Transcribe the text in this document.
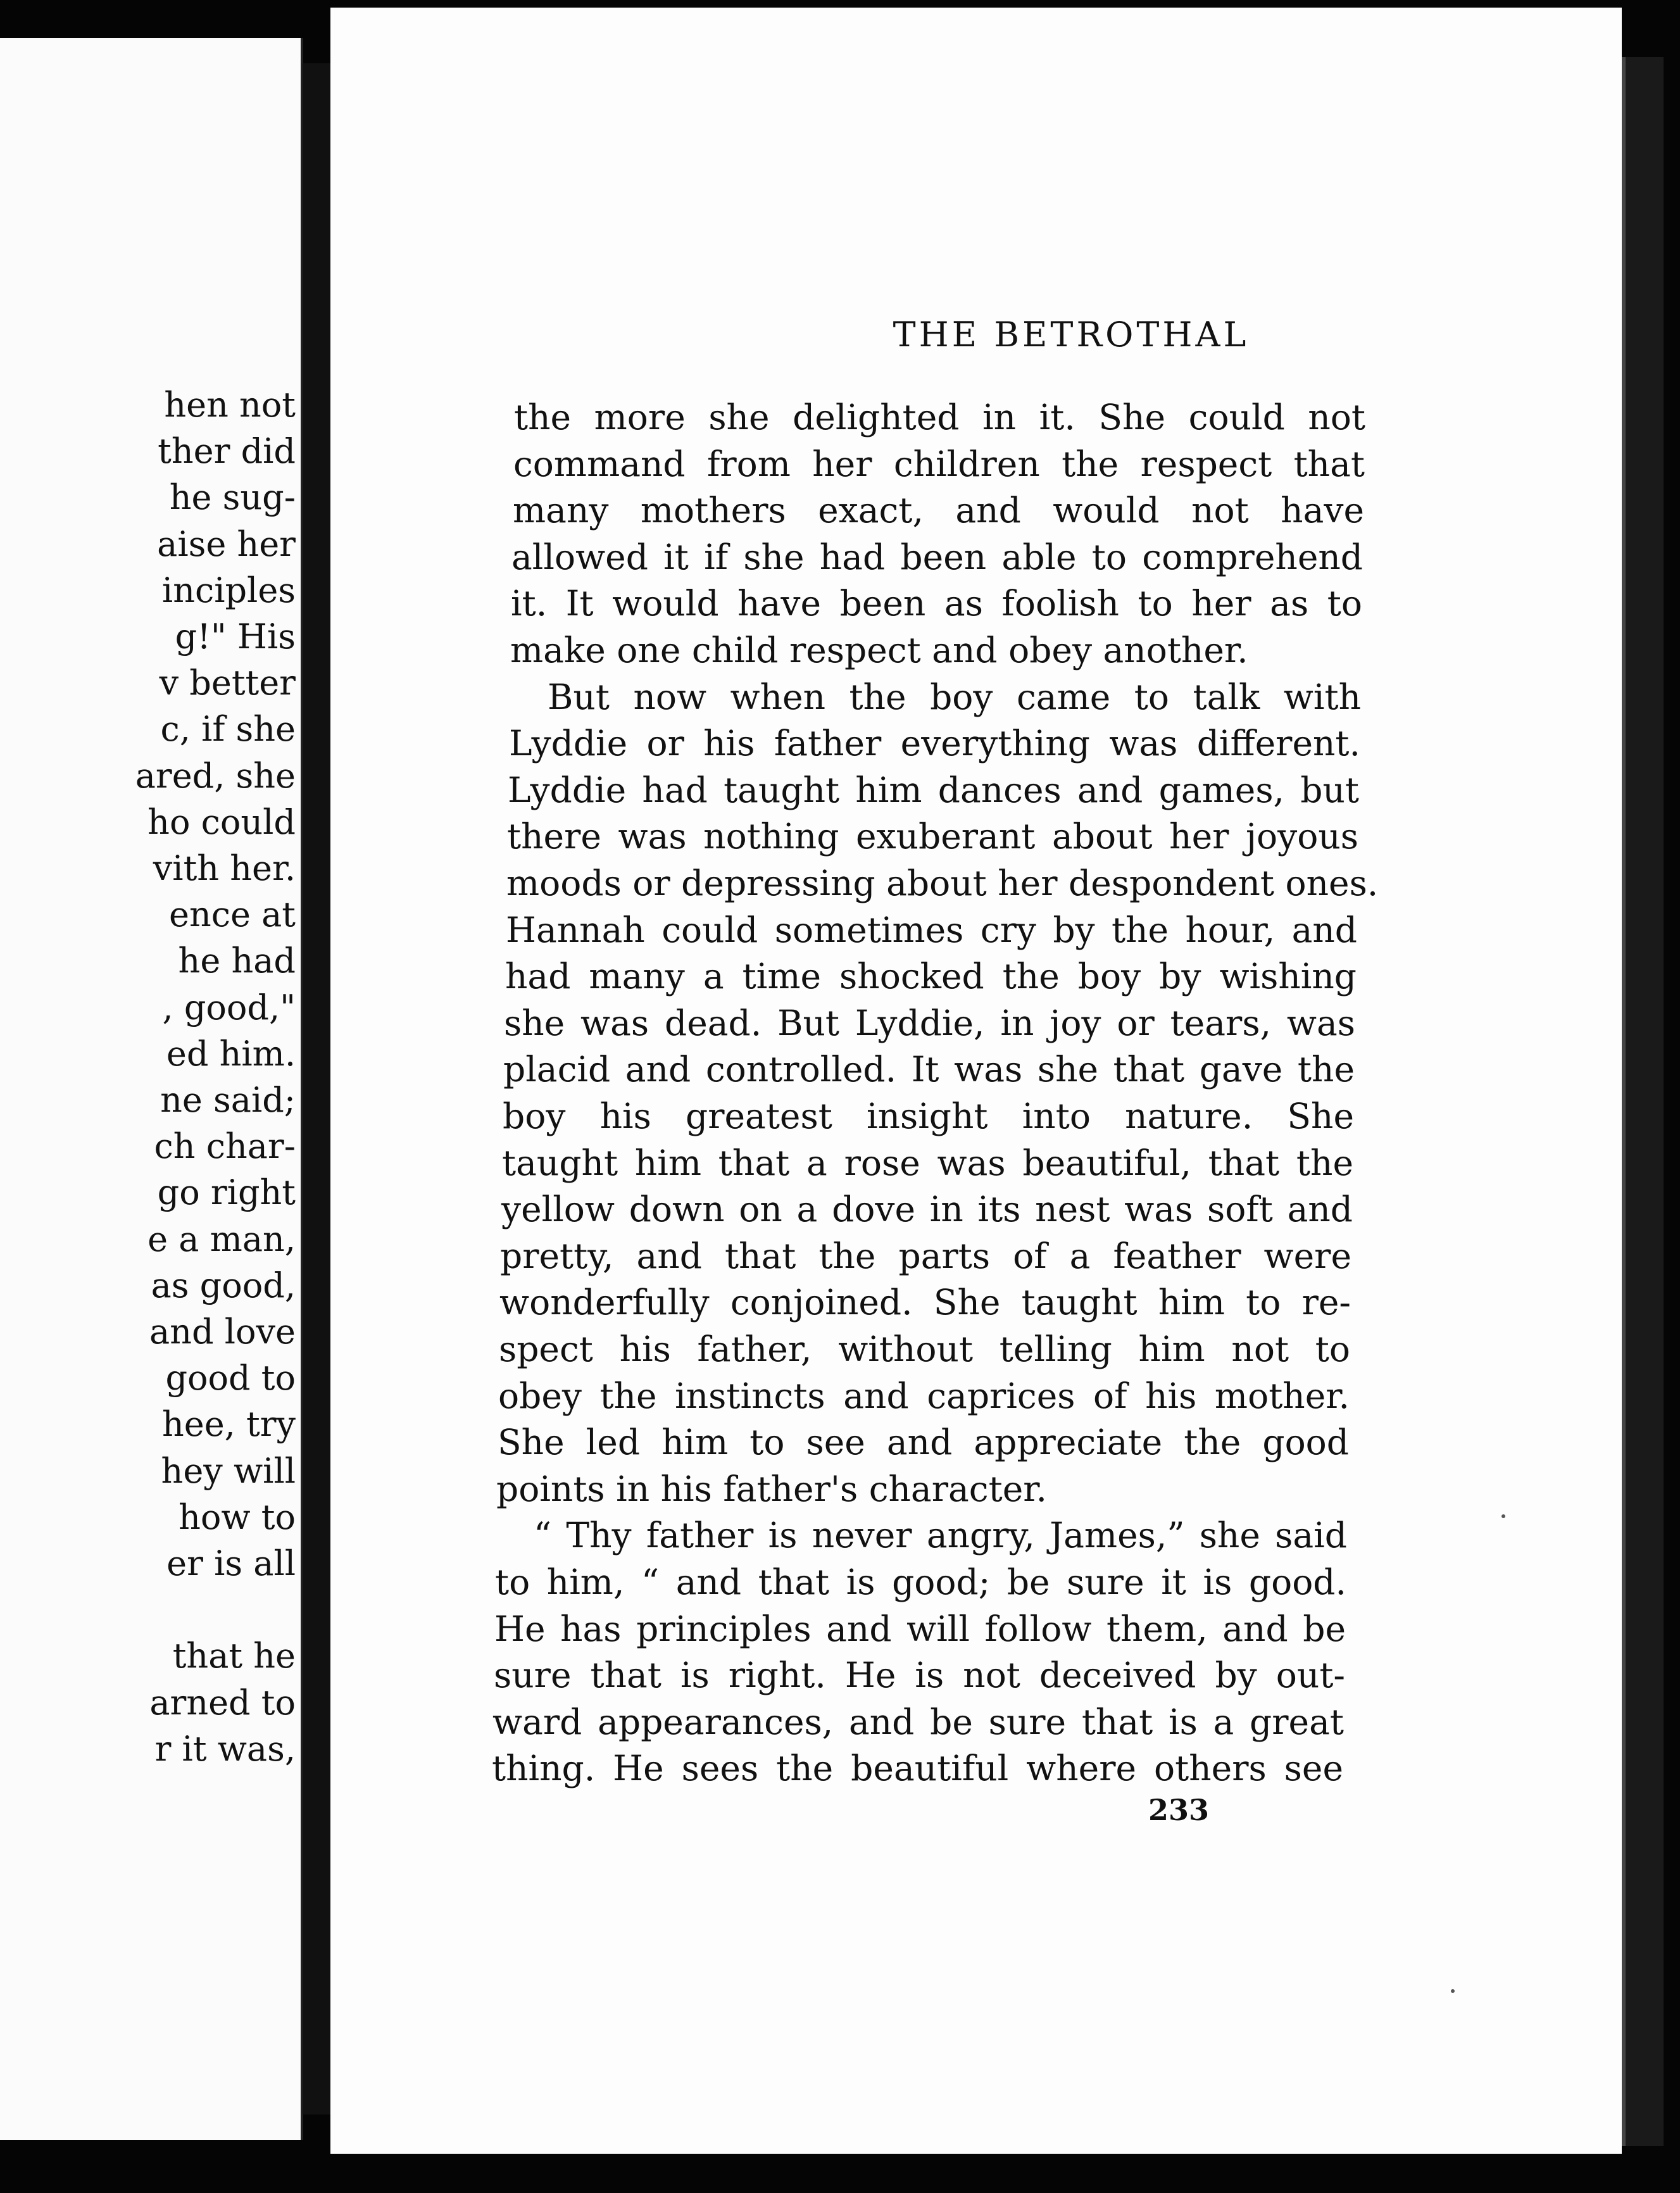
hen not
ther did
he sug-
aise her
inciples
g!" His
v better
c, if she
ared, she
ho could
vith her.
ence at
he had
, good,"
ed him.
ne said;
ch char-
go right
e a man,
as good,
and love
good to
hee, try
hey will
how to
er is all
that he
arned to
r it was,
THE BETROTHAL
the more she delighted in it. She could not
command from her children the respect that
many mothers exact, and would not have
allowed it if she had been able to comprehend
it. It would have been as foolish to her as to
make one child respect and obey another.
But now when the boy came to talk with
Lyddie or his father everything was different.
Lyddie had taught him dances and games, but
there was nothing exuberant about her joyous
moods or depressing about her despondent ones.
Hannah could sometimes cry by the hour, and
had many a time shocked the boy by wishing
she was dead. But Lyddie, in joy or tears, was
placid and controlled. It was she that gave the
boy his greatest insight into nature. She
taught him that a rose was beautiful, that the
yellow down on a dove in its nest was soft and
pretty, and that the parts of a feather were
wonderfully conjoined. She taught him to re-
spect his father, without telling him not to
obey the instincts and caprices of his mother.
She led him to see and appreciate the good
points in his father's character.
“ Thy father is never angry, James,” she said
to him, “ and that is good; be sure it is good.
He has principles and will follow them, and be
sure that is right. He is not deceived by out-
ward appearances, and be sure that is a great
thing. He sees the beautiful where others see
233
